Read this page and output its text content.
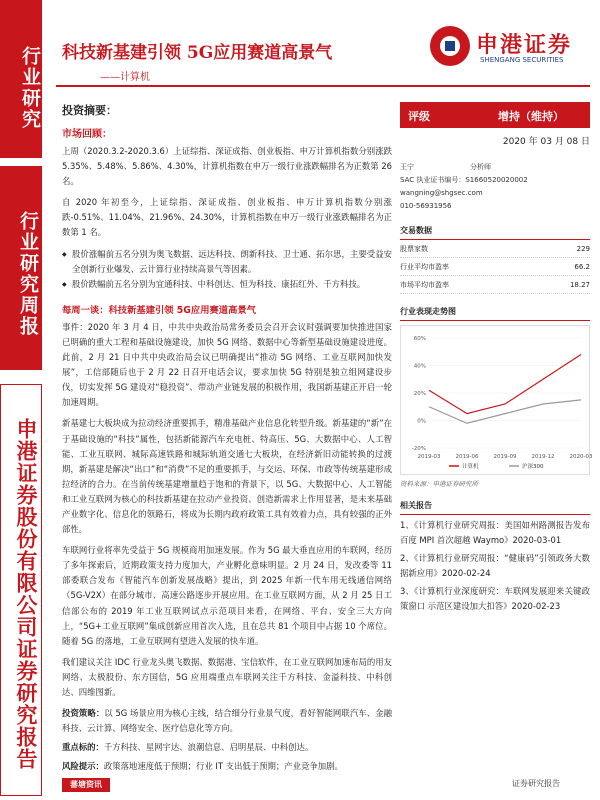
行业研究
行业研究周报
申港证券股份有限公司证券研究报告
科技新基建引领 5G应用赛道高景气
——计算机
申港证券
SHENGANG SECURITIES
投资摘要：
市场回顾：
上周（2020.3.2-2020.3.6）上证综指、深证成指、创业板指、申万计算机指数分别涨跌 5.35%、5.48%、5.86%、4.30%，计算机指数在申万一级行业涨跌幅排名为正数第 26 名。
自 2020 年初至今，上证综指、深证成指、创业板指、申万计算机指数分别涨跌-0.51%、11.04%、21.96%、24.30%，计算机指数在申万一级行业涨跌幅排名为正数第 1 名。
◆ 股价涨幅前五名分别为奥飞数据、远达科技、朗新科技、卫士通、拓尔思，主要受益安全创新行业爆发、云计算行业持续高景气等因素。
◆ 股价跌幅前五名分别为宜通科技、中科创达、恒为科技、康拓红外、千方科技。
每周一谈：科技新基建引领 5G应用赛道高景气
事件：2020 年 3 月 4 日，中共中央政治局常务委员会召开会议时强调要加快推进国家已明确的重大工程和基础设施建设，加快 5G 网络、数据中心等新型基础设施建设进度。此前，2 月 21 日中共中央政治局会议已明确提出“推动 5G 网络、工业互联网加快发展”，工信部随后也于 2 月 22 日召开电话会议，要求加快 5G 特别是独立组网建设步伐，切实发挥 5G 建设对“稳投资”、带动产业链发展的积极作用，我国新基建正开启一轮加速周期。
新基建七大板块成为拉动经济重要抓手，精准基础产业信息化转型升级。新基建的“新”在于基础设施的“科技”属性，包括新能源汽车充电桩、特高压、5G、大数据中心、人工智能、工业互联网、城际高速铁路和城际轨道交通七大板块，在经济新旧动能转换的过渡期，新基建是解决“出口”和“消费”不足的重要抓手，与交运、环保、市政等传统基建形成拉经济的合力。在当前传统基建增量趋于饱和的背景下，以 5G、大数据中心、人工智能和工业互联网为核心的科技新基建在拉动产业投资、创造新需求上作用显著，是未来基础产业数字化、信息化的领路石，将成为长期内政府政策工具有效着力点，具有较强的正外部性。
车联网行业将率先受益于 5G 规模商用加速发展。作为 5G 最大垂直应用的车联网，经历了多年探索后，近期政策支持力度加大，产业孵化意味明显。2 月 24 日，发改委等 11 部委联合发布《智能汽车创新发展战略》提出，到 2025 年新一代车用无线通信网络（5G-V2X）在部分城市、高速公路逐步开展应用。在工业互联网方面，从 2 月 25 日工信部公布的 2019 年工业互联网试点示范项目来看，在网络、平台、安全三大方向上，“5G+工业互联网”集成创新应用首次入选，且在总共 81 个项目中占据 10 个席位。随着 5G 的落地，工业互联网有望进入发展的快车道。
我们建议关注 IDC 行业龙头奥飞数据、数据港、宝信软件，在工业互联网加速布局的用友网络、太极股份、东方国信，5G 应用端重点车联网关注千方科技、金溢科技、中科创达、四维图新。
投资策略：以 5G 场景应用为核心主线，结合细分行业景气度，看好智能网联汽车、金融科技、云计算、网络安全、医疗信息化等方向。
重点标的：千方科技、星网宇达、浪潮信息、启明星辰、中科创达。
风险提示：政策落地速度低于预期；行业 IT 支出低于预期；产业竞争加剧。
评级	增持（维持）
2020 年 03 月 08 日
王宁	分析师
SAC 执业证书编号：S1660520020002
wangning@shgsec.com
010-56931956
交易数据
股票家数	229
行业平均市盈率	66.2
市场平均市盈率	18.27
行业表现走势图
-20%
0%
20%
40%
60%
2019-03	2019-06	2019-09	2019-12	2020-03
计算机	沪深300
资料来源：申港证券研究所
相关报告
1、《计算机行业研究周报：美国如州路测报告发布 百度 MPI 首次超越 Waymo》2020-03-01
2、《计算机行业研究周报：“健康码”引领政务大数据新应用》2020-02-24
3、《计算机行业深度研究：车联网发展迎来关键政策窗口 示范区建设加大扣答》2020-02-23
蕃塘资讯	证券研究报告
